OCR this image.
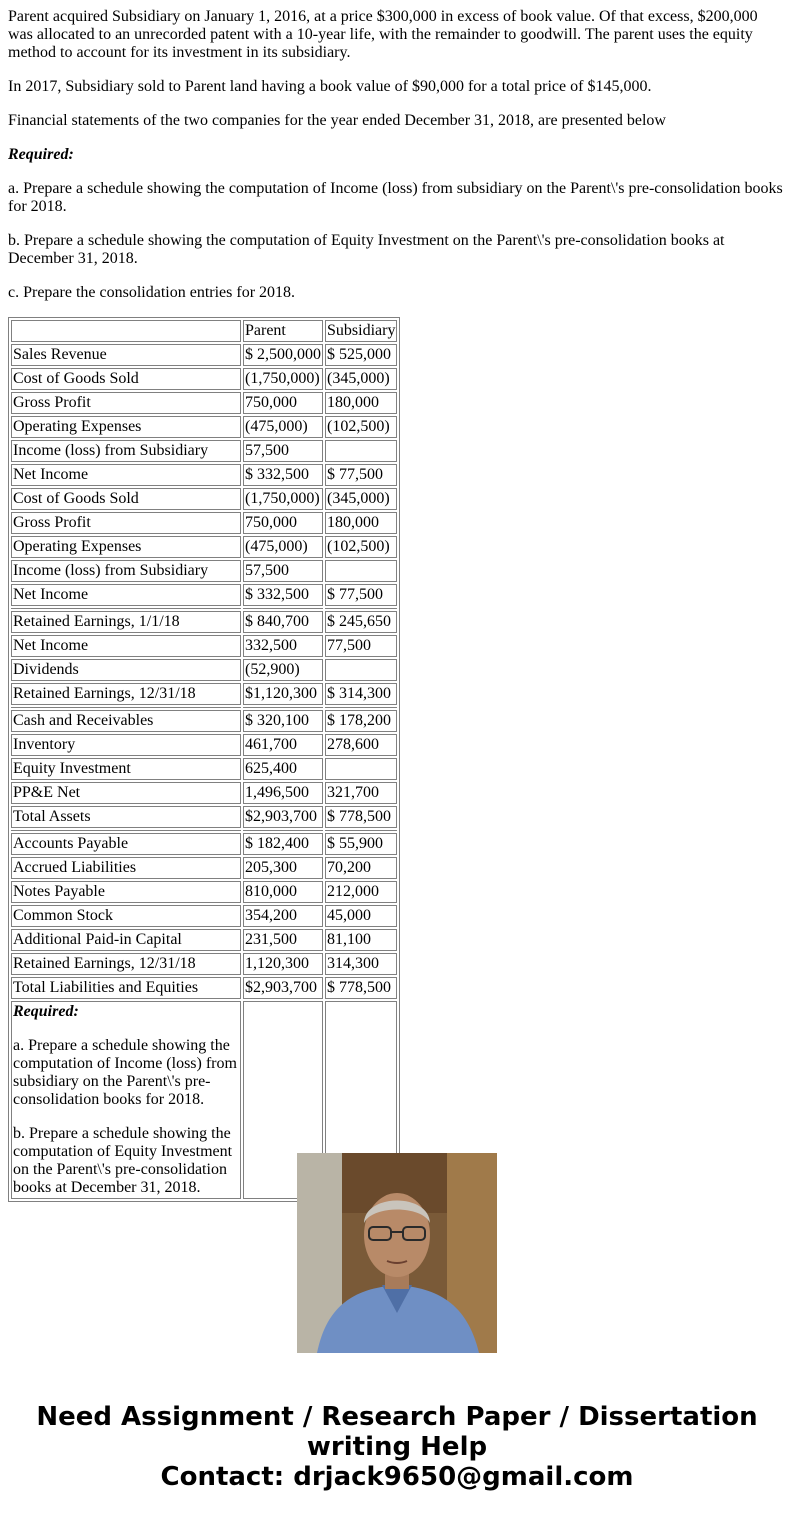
Parent acquired Subsidiary on January 1, 2016, at a price $300,000 in excess of book value. Of that excess, $200,000 was allocated to an unrecorded patent with a 10-year life, with the remainder to goodwill. The parent uses the equity method to account for its investment in its subsidiary.

In 2017, Subsidiary sold to Parent land having a book value of $90,000 for a total price of $145,000.

Financial statements of the two companies for the year ended December 31, 2018, are presented below

Required:

a. Prepare a schedule showing the computation of Income (loss) from subsidiary on the Parent\'s pre-consolidation books for 2018.

b. Prepare a schedule showing the computation of Equity Investment on the Parent\'s pre-consolidation books at December 31, 2018.

c. Prepare the consolidation entries for 2018.

	Parent	Subsidiary
Sales Revenue	$ 2,500,000	$ 525,000
Cost of Goods Sold	(1,750,000)	(345,000)
Gross Profit	750,000	180,000
Operating Expenses	(475,000)	(102,500)
Income (loss) from Subsidiary	57,500	
Net Income	$ 332,500	$ 77,500
Cost of Goods Sold	(1,750,000)	(345,000)
Gross Profit	750,000	180,000
Operating Expenses	(475,000)	(102,500)
Income (loss) from Subsidiary	57,500	
Net Income	$ 332,500	$ 77,500

Retained Earnings, 1/1/18	$ 840,700	$ 245,650
Net Income	332,500	77,500
Dividends	(52,900)	
Retained Earnings, 12/31/18	$1,120,300	$ 314,300

Cash and Receivables	$ 320,100	$ 178,200
Inventory	461,700	278,600
Equity Investment	625,400	
PP&E Net	1,496,500	321,700
Total Assets	$2,903,700	$ 778,500

Accounts Payable	$ 182,400	$ 55,900
Accrued Liabilities	205,300	70,200
Notes Payable	810,000	212,000
Common Stock	354,200	45,000
Additional Paid-in Capital	231,500	81,100
Retained Earnings, 12/31/18	1,120,300	314,300
Total Liabilities and Equities	$2,903,700	$ 778,500

Required:
a. Prepare a schedule showing the computation of Income (loss) from subsidiary on the Parent\'s pre-consolidation books for 2018.
b. Prepare a schedule showing the computation of Equity Investment on the Parent\'s pre-consolidation books at December 31, 2018.		

Need Assignment / Research Paper / Dissertation writing Help
Contact: drjack9650@gmail.com
